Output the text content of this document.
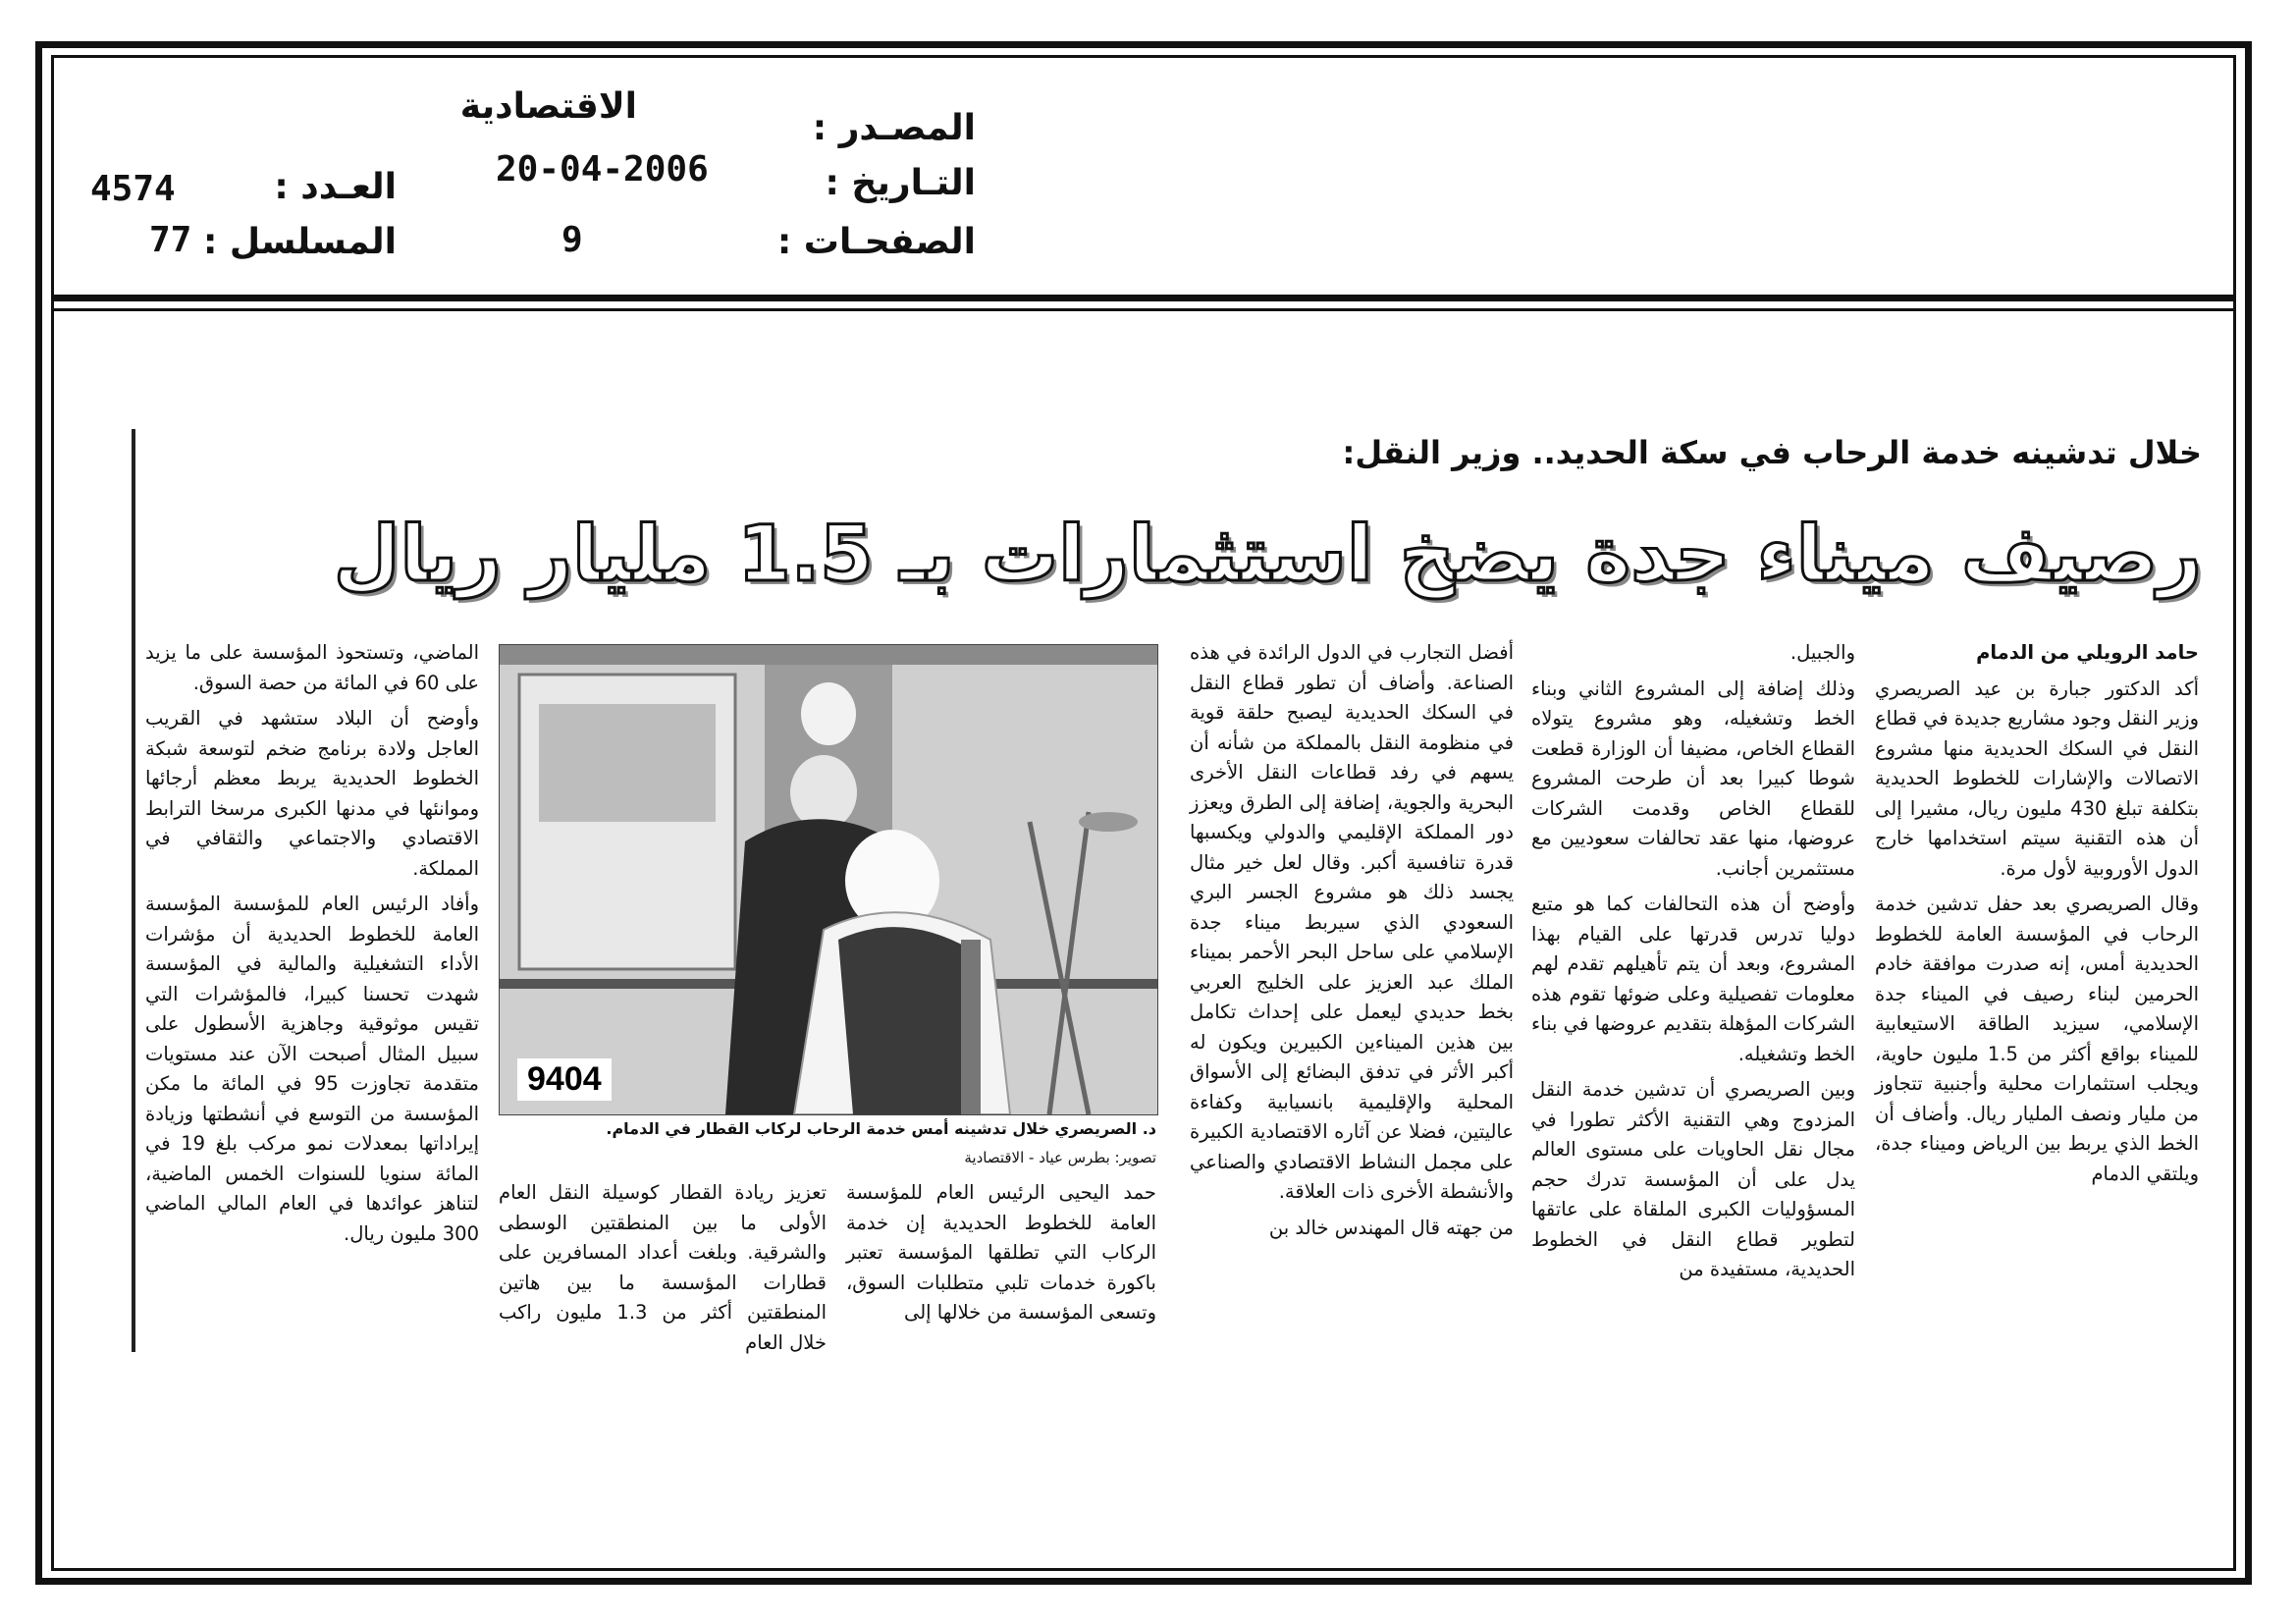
المصـدر :
الاقتصادية
التـاريخ :
20-04-2006
الصفحـات :
9
العـدد :
4574
المسلسل :
77
خلال تدشينه خدمة الرحاب في سكة الحديد.. وزير النقل:
رصيف ميناء جدة يضخ استثمارات بـ 1.5 مليار ريال

حامد الرويلي من الدمام

أكد الدكتور جبارة بن عيد الصريصري وزير النقل وجود مشاريع جديدة في قطاع النقل في السكك الحديدية منها مشروع الاتصالات والإشارات للخطوط الحديدية بتكلفة تبلغ 430 مليون ريال، مشيرا إلى أن هذه التقنية سيتم استخدامها خارج الدول الأوروبية لأول مرة.

وقال الصريصري بعد حفل تدشين خدمة الرحاب في المؤسسة العامة للخطوط الحديدية أمس، إنه صدرت موافقة خادم الحرمين لبناء رصيف في الميناء جدة الإسلامي، سيزيد الطاقة الاستيعابية للميناء بواقع أكثر من 1.5 مليون حاوية، ويجلب استثمارات محلية وأجنبية تتجاوز من مليار ونصف المليار ريال. وأضاف أن الخط الذي يربط بين الرياض وميناء جدة، ويلتقي الدمام

والجبيل.

وذلك إضافة إلى المشروع الثاني وبناء الخط وتشغيله، وهو مشروع يتولاه القطاع الخاص، مضيفا أن الوزارة قطعت شوطا كبيرا بعد أن طرحت المشروع للقطاع الخاص وقدمت الشركات عروضها، منها عقد تحالفات سعوديين مع مستثمرين أجانب.

وأوضح أن هذه التحالفات كما هو متبع دوليا تدرس قدرتها على القيام بهذا المشروع، وبعد أن يتم تأهيلهم تقدم لهم معلومات تفصيلية وعلى ضوئها تقوم هذه الشركات المؤهلة بتقديم عروضها في بناء الخط وتشغيله.

وبين الصريصري أن تدشين خدمة النقل المزدوج وهي التقنية الأكثر تطورا في مجال نقل الحاويات على مستوى العالم يدل على أن المؤسسة تدرك حجم المسؤوليات الكبرى الملقاة على عاتقها لتطوير قطاع النقل في الخطوط الحديدية، مستفيدة من

أفضل التجارب في الدول الرائدة في هذه الصناعة. وأضاف أن تطور قطاع النقل في السكك الحديدية ليصبح حلقة قوية في منظومة النقل بالمملكة من شأنه أن يسهم في رفد قطاعات النقل الأخرى البحرية والجوية، إضافة إلى الطرق ويعزز دور المملكة الإقليمي والدولي ويكسبها قدرة تنافسية أكبر. وقال لعل خير مثال يجسد ذلك هو مشروع الجسر البري السعودي الذي سيربط ميناء جدة الإسلامي على ساحل البحر الأحمر بميناء الملك عبد العزيز على الخليج العربي بخط حديدي ليعمل على إحداث تكامل بين هذين الميناءين الكبيرين ويكون له أكبر الأثر في تدفق البضائع إلى الأسواق المحلية والإقليمية بانسيابية وكفاءة عاليتين، فضلا عن آثاره الاقتصادية الكبيرة على مجمل النشاط الاقتصادي والصناعي والأنشطة الأخرى ذات العلاقة.

من جهته قال المهندس خالد بن

9404
د. الصريصري خلال تدشينه أمس خدمة الرحاب لركاب القطار في الدمام.
تصوير: بطرس عياد - الاقتصادية

حمد اليحيى الرئيس العام للمؤسسة العامة للخطوط الحديدية إن خدمة الركاب التي تطلقها المؤسسة تعتبر باكورة خدمات تلبي متطلبات السوق، وتسعى المؤسسة من خلالها إلى

تعزيز ريادة القطار كوسيلة النقل العام الأولى ما بين المنطقتين الوسطى والشرقية. وبلغت أعداد المسافرين على قطارات المؤسسة ما بين هاتين المنطقتين أكثر من 1.3 مليون راكب خلال العام

الماضي، وتستحوذ المؤسسة على ما يزيد على 60 في المائة من حصة السوق.

وأوضح أن البلاد ستشهد في القريب العاجل ولادة برنامج ضخم لتوسعة شبكة الخطوط الحديدية يربط معظم أرجائها وموانئها في مدنها الكبرى مرسخا الترابط الاقتصادي والاجتماعي والثقافي في المملكة.

وأفاد الرئيس العام للمؤسسة المؤسسة العامة للخطوط الحديدية أن مؤشرات الأداء التشغيلية والمالية في المؤسسة شهدت تحسنا كبيرا، فالمؤشرات التي تقيس موثوقية وجاهزية الأسطول على سبيل المثال أصبحت الآن عند مستويات متقدمة تجاوزت 95 في المائة ما مكن المؤسسة من التوسع في أنشطتها وزيادة إيراداتها بمعدلات نمو مركب بلغ 19 في المائة سنويا للسنوات الخمس الماضية، لتناهز عوائدها في العام المالي الماضي 300 مليون ريال.
